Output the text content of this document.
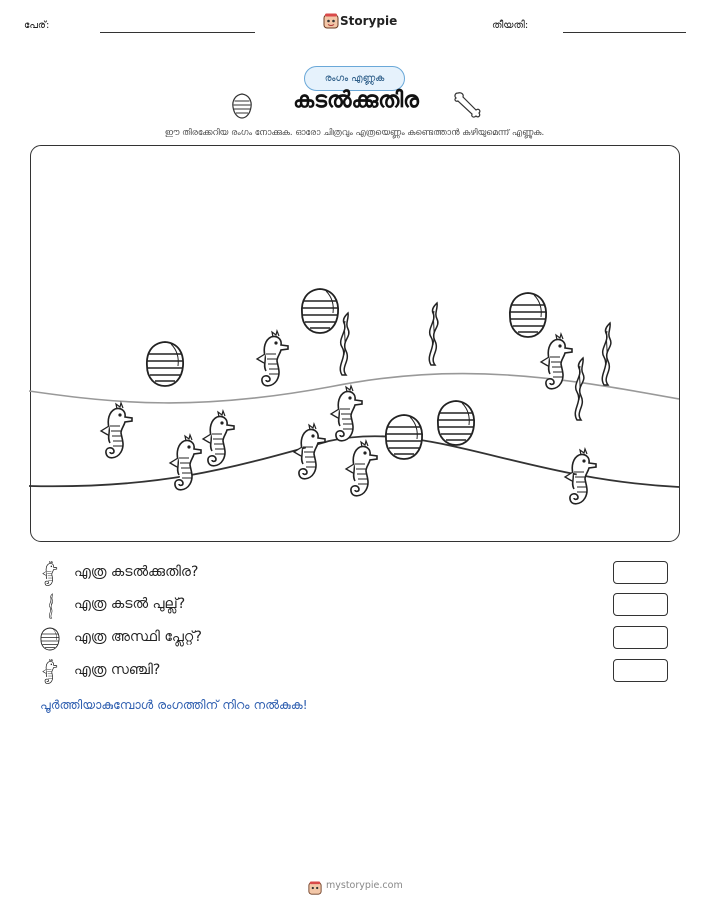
പേര്:	Storypie	തീയതി:
രംഗം എണ്ണുക
കടൽക്കുതിര
ഈ തിരക്കേറിയ രംഗം നോക്കുക. ഓരോ ചിത്രവും എത്രയെണ്ണം കണ്ടെത്താൻ കഴിയുമെന്ന് എണ്ണുക.
എത്ര കടൽക്കുതിര?
എത്ര കടൽ പുല്ല്?
എത്ര അസ്ഥി പ്ലേറ്റ്?
എത്ര സഞ്ചി?
പൂർത്തിയാകുമ്പോൾ രംഗത്തിന് നിറം നൽകുക!
mystorypie.com
